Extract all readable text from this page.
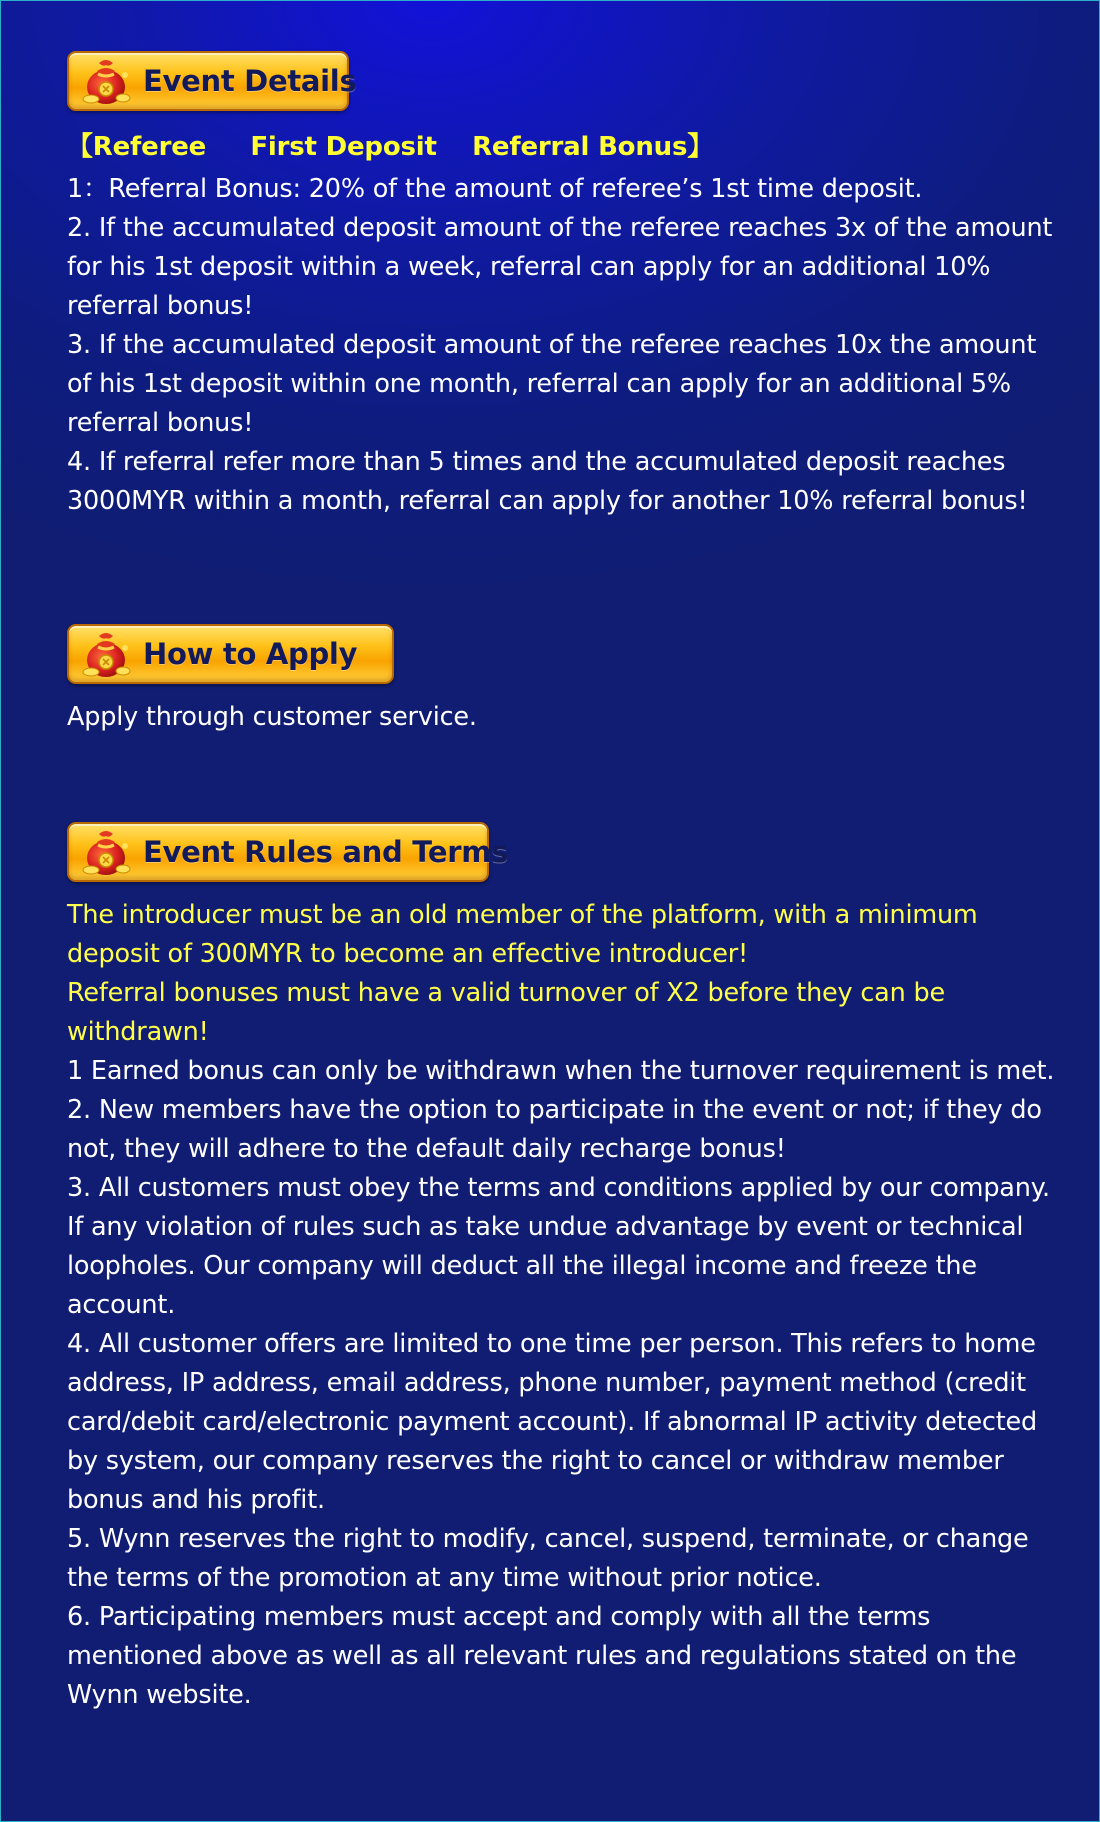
Event Details

【Referee     First Deposit    Referral Bonus】

1：Referral Bonus: 20% of the amount of referee’s 1st time deposit.

2. If the accumulated deposit amount of the referee reaches 3x of the amount for his 1st deposit within a week, referral can apply for an additional 10% referral bonus!

3. If the accumulated deposit amount of the referee reaches 10x the amount of his 1st deposit within one month, referral can apply for an additional 5% referral bonus!

4. If referral refer more than 5 times and the accumulated deposit reaches 3000MYR within a month, referral can apply for another 10% referral bonus!

How to Apply

Apply through customer service.

Event Rules and Terms

The introducer must be an old member of the platform, with a minimum deposit of 300MYR to become an effective introducer!

Referral bonuses must have a valid turnover of X2 before they can be withdrawn!

1 Earned bonus can only be withdrawn when the turnover requirement is met.

2. New members have the option to participate in the event or not; if they do not, they will adhere to the default daily recharge bonus!

3. All customers must obey the terms and conditions applied by our company. If any violation of rules such as take undue advantage by event or technical loopholes. Our company will deduct all the illegal income and freeze the account.

4. All customer offers are limited to one time per person. This refers to home address, IP address, email address, phone number, payment method (credit card/debit card/electronic payment account). If abnormal IP activity detected by system, our company reserves the right to cancel or withdraw member bonus and his profit.

5. Wynn reserves the right to modify, cancel, suspend, terminate, or change the terms of the promotion at any time without prior notice.

6. Participating members must accept and comply with all the terms mentioned above as well as all relevant rules and regulations stated on the Wynn website.
